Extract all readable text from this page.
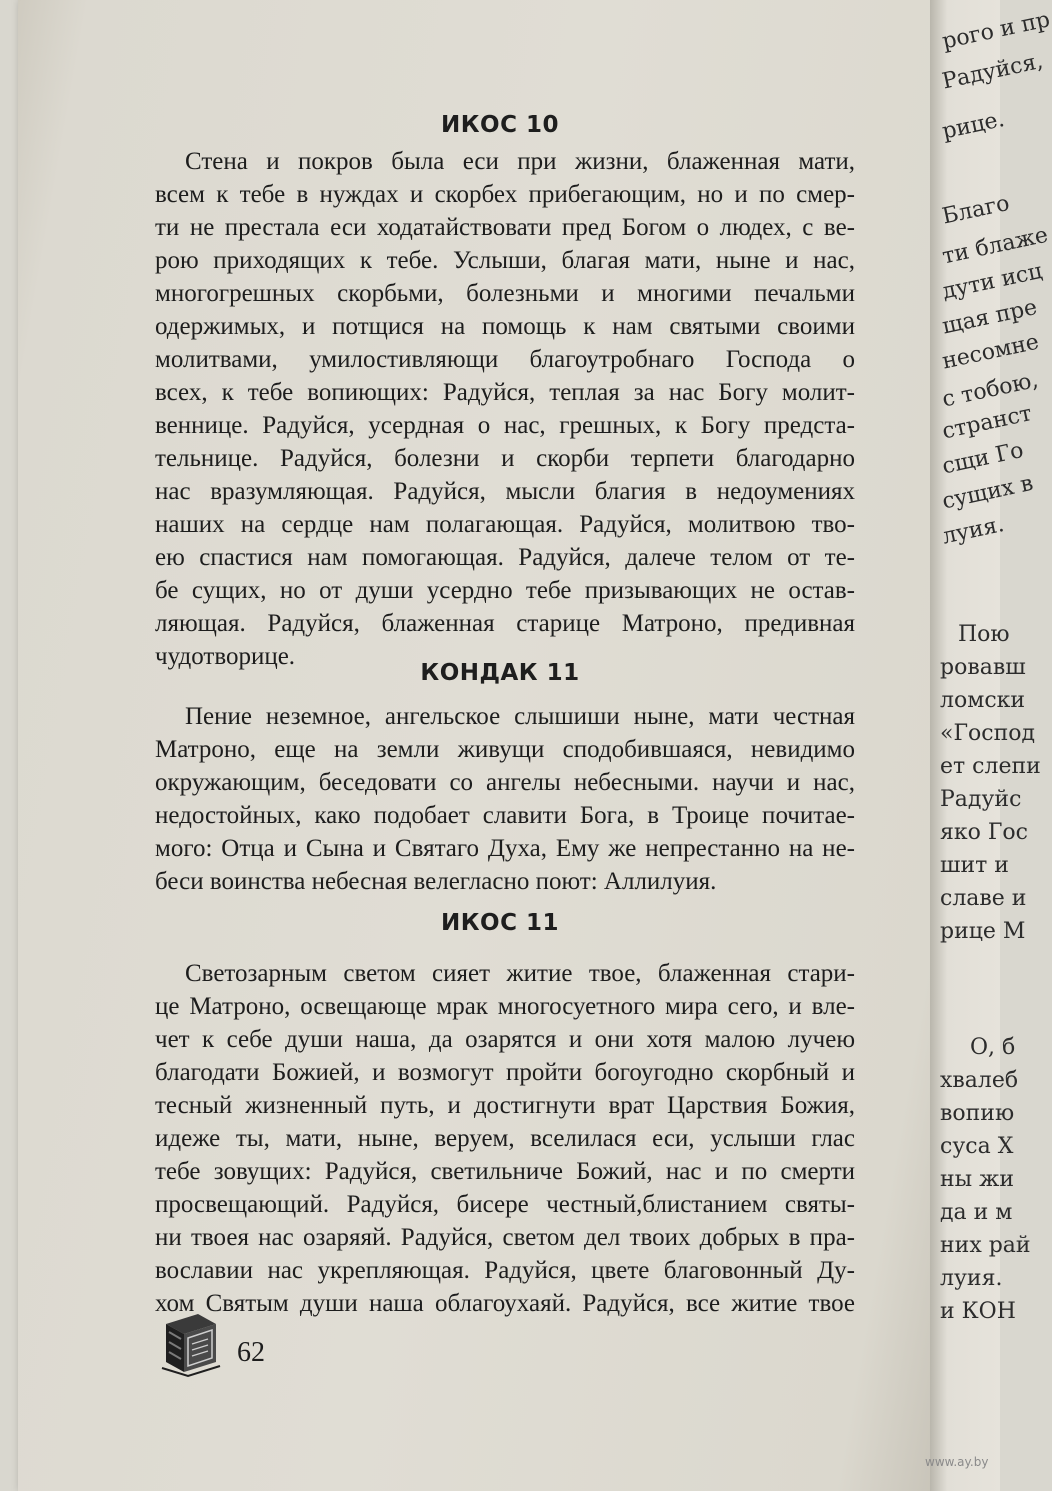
рого и пр
Радуйся,
рице.
Благо
ти блаже
дути исц
щая пре
несомне
с тобою,
странст
сщи Го
сущих в
луия.
Пою
ровавш
ломски
«Господ
ет слепи
Радуйс
яко Гос
шит и
славе и
рице М
О, б
хвалеб
вопию
суса Х
ны жи
да и м
них рай
луия.
и КОН
ИКОС 10
Стена и покров была еси при жизни, блаженная мати,
всем к тебе в нуждах и скорбех прибегающим, но и по смер-
ти не престала еси ходатайствовати пред Богом о людех, с ве-
рою приходящих к тебе. Услыши, благая мати, ныне и нас,
многогрешных скорбьми, болезньми и многими печальми
одержимых, и потщися на помощь к нам святыми своими
молитвами, умилостивляющи благоутробнаго Господа о
всех, к тебе вопиющих: Радуйся, теплая за нас Богу молит-
веннице. Радуйся, усердная о нас, грешных, к Богу предста-
тельнице. Радуйся, болезни и скорби терпети благодарно
нас вразумляющая. Радуйся, мысли благия в недоумениях
наших на сердце нам полагающая. Радуйся, молитвою тво-
ею спастися нам помогающая. Радуйся, далече телом от те-
бе сущих, но от души усердно тебе призывающих не остав-
ляющая. Радуйся, блаженная старице Матроно, предивная
чудотворице.
КОНДАК 11
Пение неземное, ангельское слышиши ныне, мати честная
Матроно, еще на земли живущи сподобившаяся, невидимо
окружающим, беседовати со ангелы небесными. научи и нас,
недостойных, како подобает славити Бога, в Троице почитае-
мого: Отца и Сына и Святаго Духа, Ему же непрестанно на не-
беси воинства небесная велегласно поют: Аллилуия.
ИКОС 11
Светозарным светом сияет житие твое, блаженная стари-
це Матроно, освещающе мрак многосуетного мира сего, и влe-
чет к себе души наша, да озарятся и они хотя малою лучею
благодати Божией, и возмогут пройти богоугодно скорбный и
тесный жизненный путь, и достигнути врат Царствия Божия,
идеже ты, мати, ныне, веруем, вселилася еси, услыши глас
тебе зовущих: Радуйся, светильниче Божий, нас и по смерти
просвещающий. Радуйся, бисере честный,блистанием святы-
ни твоея нас озаряяй. Радуйся, светом дел твоих добрых в пра-
вославии нас укрепляющая. Радуйся, цвете благовонный Ду-
хом Святым души наша облагоухаяй. Радуйся, все житие твое
62
www.ay.by
